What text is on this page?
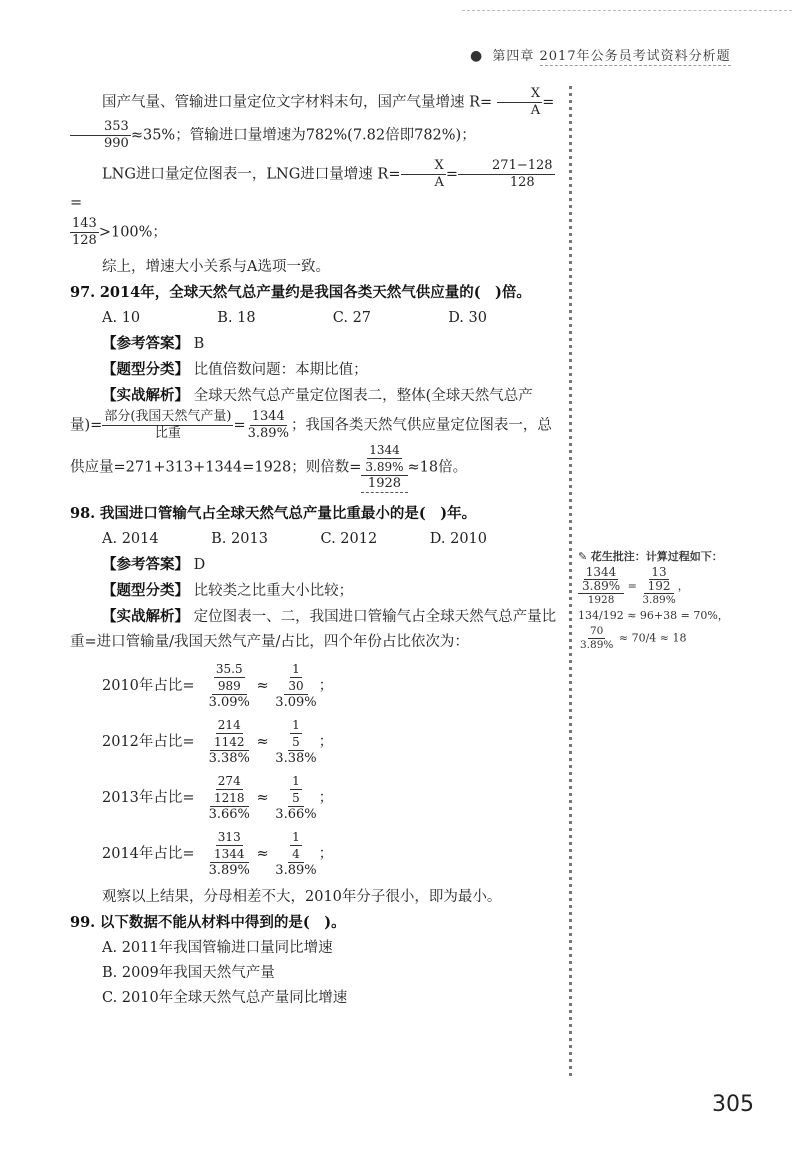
● 第四章 2017年公务员考试资料分析题

国产气量、管输进口量定位文字材料末句，国产气量增速 $R= \frac{X}{A}$ =
$\frac{353}{990} \approx 35\%$；管输进口量增速为782%(7.82倍即782%)；

LNG进口量定位图表一，LNG进口量增速 $R= \frac{X}{A} = \frac{271-128}{128}$
=

$\frac{143}{128} >100\%$；

综上，增速大小关系与A选项一致。

97. 2014年，全球天然气总产量约是我国各类天然气供应量的(　)倍。

A. 10	B. 18	C. 27	D. 30

【参考答案】 B

【题型分类】 比值倍数问题：本期比值；

【实战解析】 全球天然气总产量定位图表二，整体(全球天然气总产量)= $\frac{\text{部分(我国天然气产量)}}{\text{比重}} = \frac{1344}{3.89\%}$ ；我国各类天然气供应量定位图表一，总供应量=271+313+1344=1928；则倍数= $\frac{\frac{1344}{3.89\%}}{1928} \approx 18$倍。

98. 我国进口管输气占全球天然气总产量比重最小的是(　)年。

A. 2014	B. 2013	C. 2012	D. 2010

【参考答案】 D

【题型分类】 比较类之比重大小比较；

【实战解析】 定位图表一、二，我国进口管输气占全球天然气总产量比重=进口管输量/我国天然气产量/占比，四个年份占比依次为：

2010年占比= $\frac{\frac{35.5}{989}}{3.09\%} \approx \frac{\frac{1}{30}}{3.09\%}$ ；
2012年占比= $\frac{\frac{214}{1142}}{3.38\%} \approx \frac{\frac{1}{5}}{3.38\%}$ ；
2013年占比= $\frac{\frac{274}{1218}}{3.66\%} \approx \frac{\frac{1}{5}}{3.66\%}$ ；
2014年占比= $\frac{\frac{313}{1344}}{3.89\%} \approx \frac{\frac{1}{4}}{3.89\%}$ ；

观察以上结果，分母相差不大，2010年分子很小，即为最小。

99. 以下数据不能从材料中得到的是(　)。

A. 2011年我国管输进口量同比增速

B. 2009年我国天然气产量

C. 2010年全球天然气总产量同比增速

✎ 花生批注：计算过程如下：
$\frac{\frac{1344}{3.89\%}}{1928} = \frac{\frac{13}{192}}{3.89\%}$ ，
134/192 ≈ 96+38 = 70%，
$\frac{70}{3.89\%} \approx 70/4 \approx 18$
305
